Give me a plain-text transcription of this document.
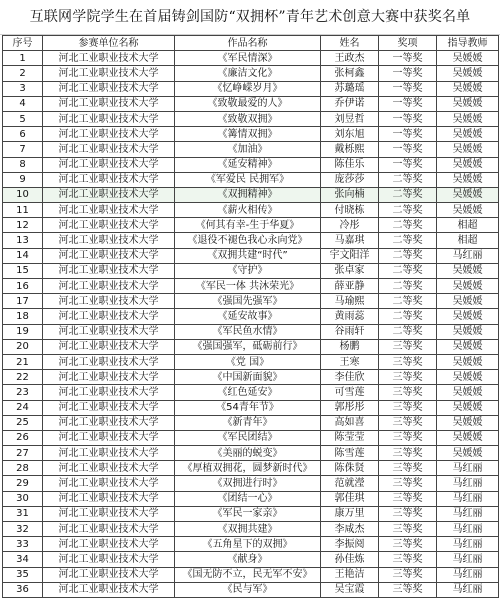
互联网学院学生在首届铸剑国防“双拥杯”青年艺术创意大赛中获奖名单
序号	参赛单位名称	作品名称	姓名	奖项	指导教师
1	河北工业职业技术大学	《军民情深》	王政杰	一等奖	吴媛媛
2	河北工业职业技术大学	《廉洁文化》	张柯鑫	一等奖	吴媛媛
3	河北工业职业技术大学	《忆峥嵘岁月》	苏璐瑶	一等奖	吴媛媛
4	河北工业职业技术大学	《致敬最爱的人》	乔伊诺	一等奖	吴媛媛
5	河北工业职业技术大学	《致敬双拥》	刘昱哲	一等奖	吴媛媛
6	河北工业职业技术大学	《篝情双拥》	刘东旭	一等奖	吴媛媛
7	河北工业职业技术大学	《加油》	戴栎熙	一等奖	吴媛媛
8	河北工业职业技术大学	《延安精神》	陈佳乐	一等奖	吴媛媛
9	河北工业职业技术大学	《军爱民 民拥军》	庞莎莎	二等奖	吴媛媛
10	河北工业职业技术大学	《双拥精神》	张向楠	二等奖	吴媛媛
11	河北工业职业技术大学	《薪火相传》	付晓栋	二等奖	吴媛媛
12	河北工业职业技术大学	《何其有幸-生于华夏》	冷彤	二等奖	相超
13	河北工业职业技术大学	《退役不褪色我心永向党》	马嘉琪	二等奖	相超
14	河北工业职业技术大学	《双拥共建“时代”	宇文阳洋	二等奖	马红丽
15	河北工业职业技术大学	《守护》	张卓家	二等奖	吴媛媛
16	河北工业职业技术大学	《军民一体 共沐荣光》	薛亚静	二等奖	吴媛媛
17	河北工业职业技术大学	《强国先强军》	马瑜熙	二等奖	吴媛媛
18	河北工业职业技术大学	《延安故事》	黄雨蕊	二等奖	吴媛媛
19	河北工业职业技术大学	《军民鱼水情》	谷雨轩	二等奖	吴媛媛
20	河北工业职业技术大学	《强国强军，砥砺前行》	杨鹏	三等奖	吴媛媛
21	河北工业职业技术大学	《党 国》	王寒	三等奖	吴媛媛
22	河北工业职业技术大学	《中国新面貌》	李佳欣	三等奖	吴媛媛
23	河北工业职业技术大学	《红色延安》	可雪莲	三等奖	吴媛媛
24	河北工业职业技术大学	《54青年节》	郭彤彤	三等奖	吴媛媛
25	河北工业职业技术大学	《新青年》	高如喜	三等奖	吴媛媛
26	河北工业职业技术大学	《军民团结》	陈莹莹	三等奖	吴媛媛
27	河北工业职业技术大学	《美丽的蜕变》	陈雪莲	三等奖	吴媛媛
28	河北工业职业技术大学	《厚植双拥花，圆梦新时代》	陈侏贤	三等奖	马红丽
29	河北工业职业技术大学	《双拥进行时》	范就瀅	三等奖	马红丽
30	河北工业职业技术大学	《团结一心》	郭佳琪	三等奖	马红丽
31	河北工业职业技术大学	《军民一家亲》	康万里	三等奖	马红丽
32	河北工业职业技术大学	《双拥共建》	李咸杰	三等奖	马红丽
33	河北工业职业技术大学	《五角星下的双拥》	李振阅	三等奖	马红丽
34	河北工业职业技术大学	《献身》	孙佳炼	三等奖	马红丽
35	河北工业职业技术大学	《国无防不立，民无军不安》	王艳洁	三等奖	马红丽
36	河北工业职业技术大学	《民与军》	吴宝霞	三等奖	马红丽
